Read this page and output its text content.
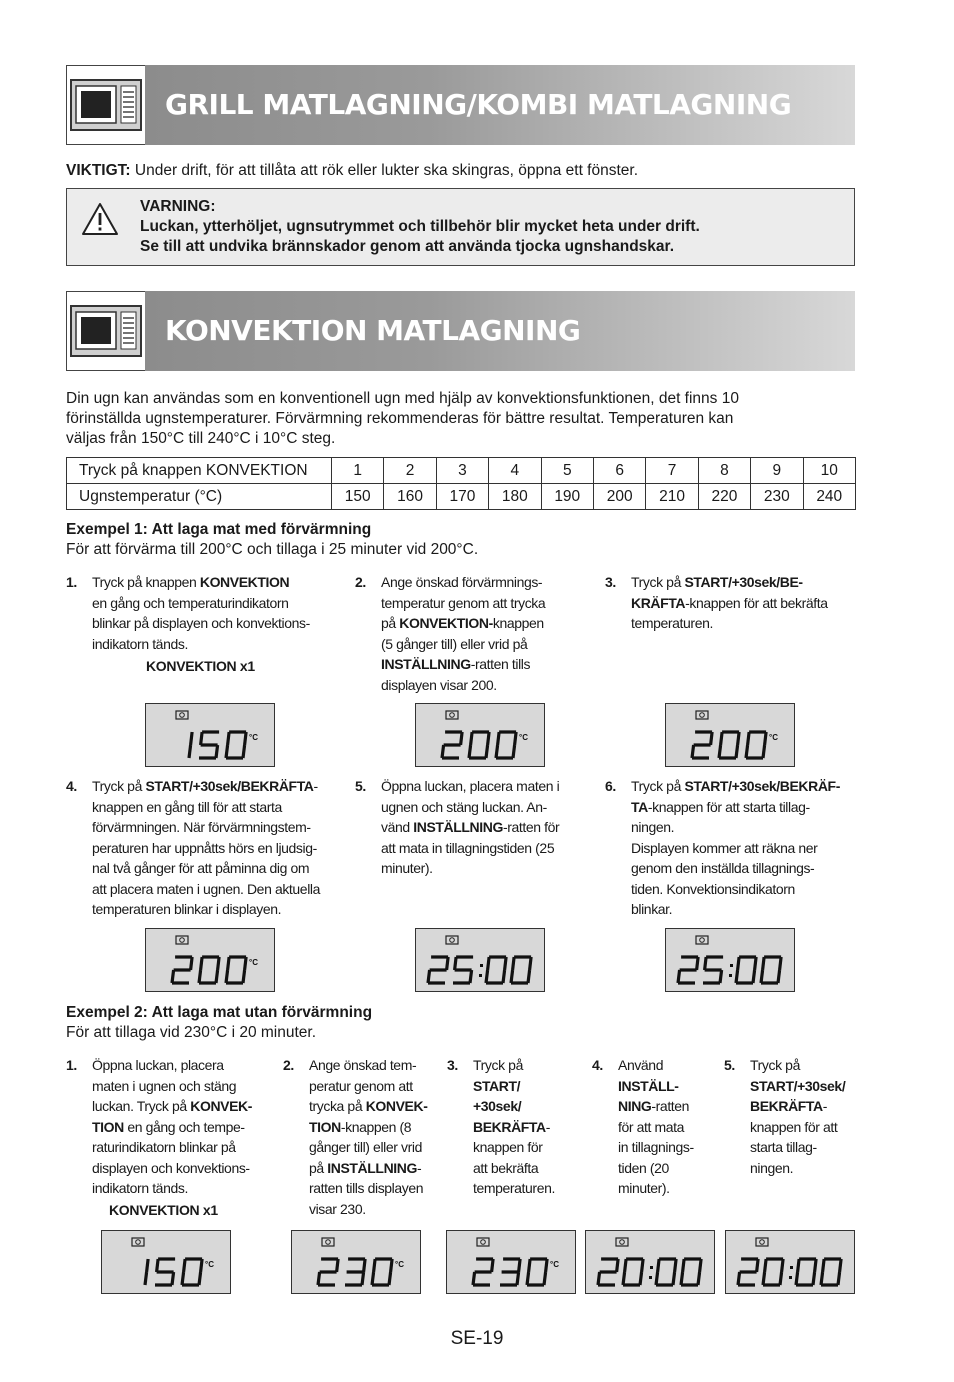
GRILL MATLAGNING/KOMBI MATLAGNING
VIKTIGT: Under drift, för att tillåta att rök eller lukter ska skingras, öppna ett fönster.
VARNING:
Luckan, ytterhöljet, ugnsutrymmet och tillbehör blir mycket heta under drift.
Se till att undvika brännskador genom att använda tjocka ugnshandskar.
KONVEKTION MATLAGNING
Din ugn kan användas som en konventionell ugn med hjälp av konvektionsfunktionen, det finns 10
förinställda ugnstemperaturer. Förvärmning rekommenderas för bättre resultat. Temperaturen kan
väljas från 150°C till 240°C i 10°C steg.
Tryck på knappen KONVEKTION	1	2	3	4	5	6	7	8	9	10
Ugnstemperatur (°C)	150	160	170	180	190	200	210	220	230	240
Exempel 1: Att laga mat med förvärmning
För att förvärma till 200°C och tillaga i 25 minuter vid 200°C.
1. Tryck på knappen KONVEKTION
en gång och temperaturindikatorn
blinkar på displayen och konvektions-
indikatorn tänds.
KONVEKTION x1
2. Ange önskad förvärmnings-
temperatur genom att trycka
på KONVEKTION-knappen
(5 gånger till) eller vrid på
INSTÄLLNING-ratten tills
displayen visar 200.
3. Tryck på START/+30sek/BE-
KRÄFTA-knappen för att bekräfta
temperaturen.
°C	°C	°C
4. Tryck på START/+30sek/BEKRÄFTA-
knappen en gång till för att starta
förvärmningen. När förvärmningstem-
peraturen har uppnåtts hörs en ljudsig-
nal två gånger för att påminna dig om
att placera maten i ugnen. Den aktuella
temperaturen blinkar i displayen.
5. Öppna luckan, placera maten i
ugnen och stäng luckan. An-
vänd INSTÄLLNING-ratten för
att mata in tillagningstiden (25
minuter).
6. Tryck på START/+30sek/BEKRÄF-
TA-knappen för att starta tillag-
ningen.
Displayen kommer att räkna ner
genom den inställda tillagnings-
tiden. Konvektionsindikatorn
blinkar.
°C
Exempel 2: Att laga mat utan förvärmning
För att tillaga vid 230°C i 20 minuter.
1. Öppna luckan, placera
maten i ugnen och stäng
luckan. Tryck på KONVEK-
TION en gång och tempe-
raturindikatorn blinkar på
displayen och konvektions-
indikatorn tänds.
KONVEKTION x1
2. Ange önskad tem-
peratur genom att
trycka på KONVEK-
TION-knappen (8
gånger till) eller vrid
på INSTÄLLNING-
ratten tills displayen
visar 230.
3. Tryck på
START/
+30sek/
BEKRÄFTA-
knappen för
att bekräfta
temperaturen.
4. Använd
INSTÄLL-
NING-ratten
för att mata
in tillagnings-
tiden (20
minuter).
5. Tryck på
START/+30sek/
BEKRÄFTA-
knappen för att
starta tillag-
ningen.
°C	°C	°C
SE-19
